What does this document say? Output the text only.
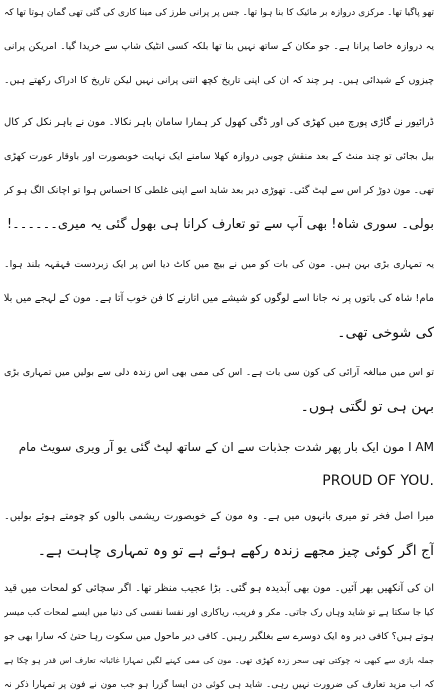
تھو پاگیا تھا۔ مرکزی دروازہ بر مائیک کا بنا ہوا تھا۔ جس پر پرانی طرز کی مینا کاری کی گئی تھی گمان ہوتا تھا کہ
یہ دروازہ خاصا پرانا ہے۔ جو مکان کے ساتھ نہیں بنا تھا بلکہ کسی انٹیک شاپ سے خریدا گیا۔ امریکن پرانی
چیزوں کے شیدائی ہیں۔ ہر چند کہ ان کی اپنی تاریخ کچھ اتنی پرانی نہیں لیکن تاریخ کا ادراک رکھتے ہیں۔
ڈرائیور نے گاڑی پورچ میں کھڑی کی اور ڈگی کھول کر ہمارا سامان باہر نکالا۔ مون نے باہر نکل کر کال
بیل بجائی تو چند منٹ کے بعد منقش چوبی دروازہ کھلا سامنے ایک نہایت خوبصورت اور باوقار عورت کھڑی
تھی۔ مون دوڑ کر اس سے لپٹ گئی۔ تھوڑی دیر بعد شاید اسے اپنی غلطی کا احساس ہوا تو اچانک الگ ہو کر
بولی۔ سوری شاہ! بھی آپ سے تو تعارف کرانا ہی بھول گئی یہ میری۔۔۔۔۔۔!
یہ تمہاری بڑی بہن ہیں۔ مون کی بات کو میں نے بیچ میں کاٹ دیا اس پر ایک زبردست قہقہہ بلند ہوا۔
مام! شاہ کی باتوں پر نہ جانا اسے لوگوں کو شیشے میں اتارنے کا فن خوب آتا ہے۔ مون کے لہجے میں بلا
کی شوخی تھی۔
تو اس میں مبالغہ آرائی کی کون سی بات ہے۔ اس کی ممی بھی اس زندہ دلی سے بولیں میں تمہاری بڑی
بہن ہی تو لگتی ہوں۔
مون ایک بار پھر شدت جذبات سے ان کے ساتھ لپٹ گئی یو آر ویری سویٹ مام I AM
PROUD OF YOU.
میرا اصل فخر تو میری بانہوں میں ہے۔ وہ مون کے خوبصورت ریشمی بالوں کو چومتے ہوئے بولیں۔
آج اگر کوئی چیز مجھے زندہ رکھے ہوئے ہے تو وہ تمہاری چاہت ہے۔
ان کی آنکھیں بھر آئیں۔ مون بھی آبدیدہ ہو گئی۔ بڑا عجیب منظر تھا۔ اگر سچائی کو لمحات میں قید
کیا جا سکتا ہے تو شاید وہاں رک جاتی۔ مکر و فریب، ریاکاری اور نفسا نفسی کی دنیا میں ایسے لمحات کب میسر
ہوتے ہیں؟ کافی دیر وہ ایک دوسرے سے بغلگیر رہیں۔ کافی دیر ماحول میں سکوت رہا حتیٰ کہ سارا بھی جو
جملہ بازی سے کبھی نہ چوکتی تھی سحر زدہ کھڑی تھی۔ مون کی ممی کہنے لگیں تمہارا غائبانہ تعارف اس قدر ہو چکا ہے
کہ اب مزید تعارف کی ضرورت نہیں رہی۔ شاید ہی کوئی دن ایسا گزرا ہو جب مون نے فون پر تمہارا ذکر نہ
